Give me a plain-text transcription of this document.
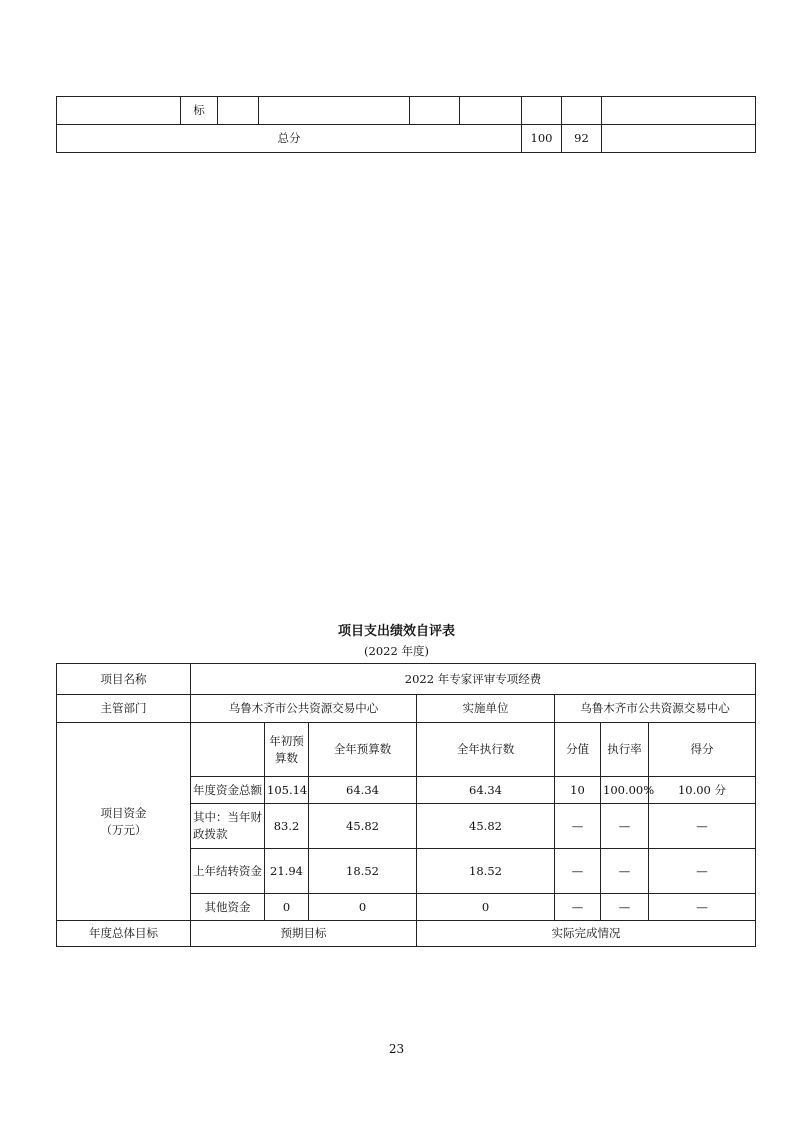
	标							
总分						100	92	
项目支出绩效自评表
(2022 年度)
项目名称	2022 年专家评审专项经费						
主管部门	乌鲁木齐市公共资源交易中心			实施单位	乌鲁木齐市公共资源交易中心		

项目资金
（万元）		年初预算数	全年预算数	全年执行数	分值	执行率	得分
	年度资金总额	105.14	64.34	64.34	10	100.00%	10.00 分
	其中：当年财政拨款	83.2	45.82	45.82	—	—	—
	上年结转资金	21.94	18.52	18.52	—	—	—
	其他资金	0	0	0	—	—	—
年度总体目标	预期目标			实际完成情况			
23
